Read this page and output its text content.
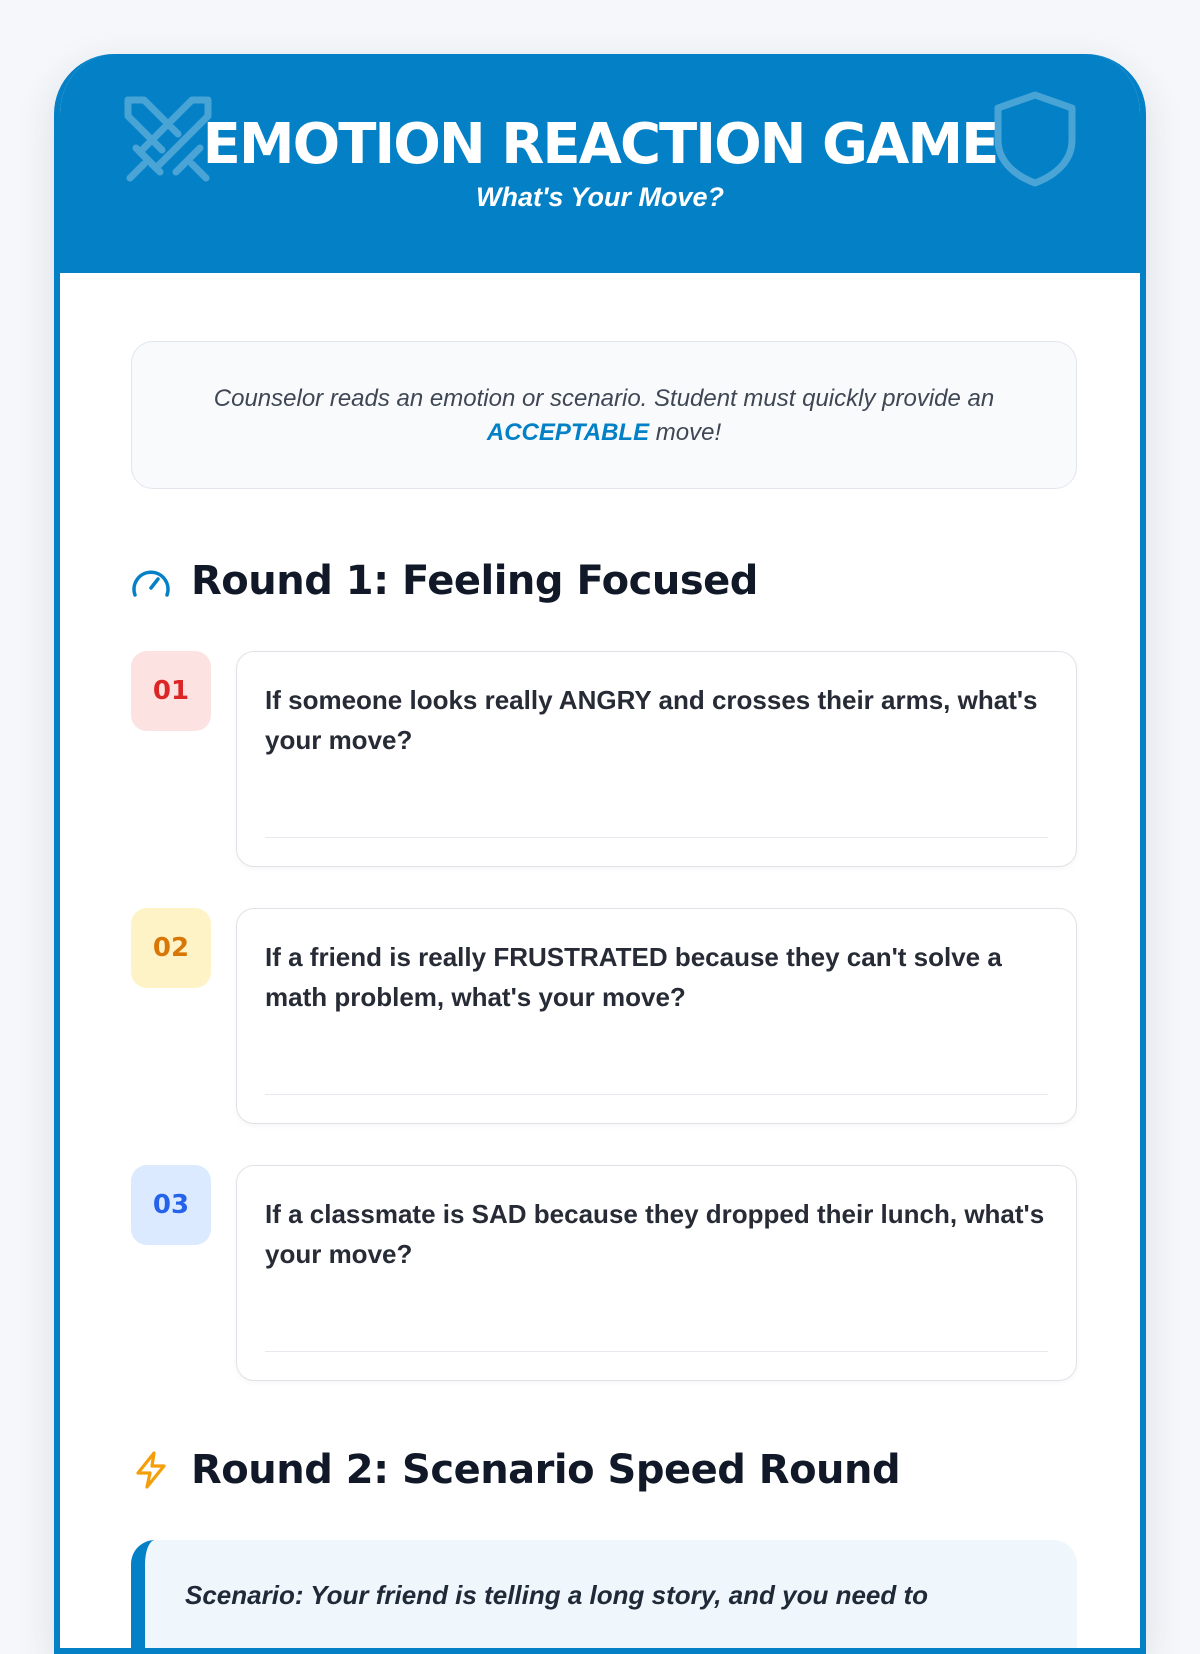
EMOTION REACTION GAME
What's Your Move?
Counselor reads an emotion or scenario. Student must quickly provide an
ACCEPTABLE move!
Round 1: Feeling Focused
01	If someone looks really ANGRY and crosses their arms, what's your move?
02	If a friend is really FRUSTRATED because they can't solve a math problem, what's your move?
03	If a classmate is SAD because they dropped their lunch, what's your move?
Round 2: Scenario Speed Round
Scenario: Your friend is telling a long story, and you need to
